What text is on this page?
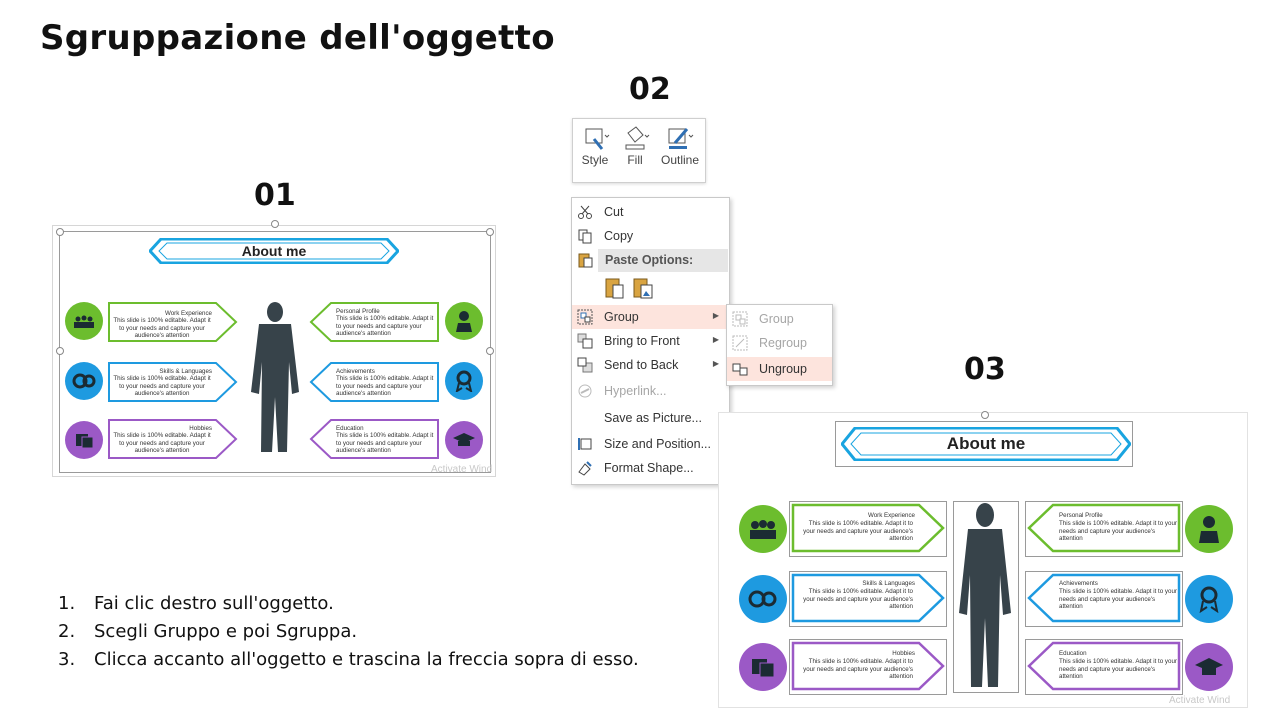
Sgruppazione dell'oggetto
01
02
03
About me
Work Experience
This slide is 100% editable. Adapt it to your needs and capture your audience's attention
Skills & Languages
This slide is 100% editable. Adapt it to your needs and capture your audience's attention
Hobbies
This slide is 100% editable. Adapt it to your needs and capture your audience's attention
Personal Profile
This slide is 100% editable. Adapt it to your needs and capture your audience's attention
Achievements
This slide is 100% editable. Adapt it to your needs and capture your audience's attention
Education
This slide is 100% editable. Adapt it to your needs and capture your audience's attention
Activate Wind
Style	Fill	Outline
Cut
Copy
Paste Options:
Group	▶
Bring to Front	▶
Send to Back	▶
Hyperlink...
Save as Picture...
Size and Position...
Format Shape...
Group
Regroup
Ungroup
About me
Work Experience
This slide is 100% editable. Adapt it to your needs and capture your audience's attention
Skills & Languages
This slide is 100% editable. Adapt it to your needs and capture your audience's attention
Hobbies
This slide is 100% editable. Adapt it to your needs and capture your audience's attention
Personal Profile
This slide is 100% editable. Adapt it to your needs and capture your audience's attention
Achievements
This slide is 100% editable. Adapt it to your needs and capture your audience's attention
Education
This slide is 100% editable. Adapt it to your needs and capture your audience's attention
Activate Wind
1. Fai clic destro sull'oggetto.
2. Scegli Gruppo e poi Sgruppa.
3. Clicca accanto all'oggetto e trascina la freccia sopra di esso.
